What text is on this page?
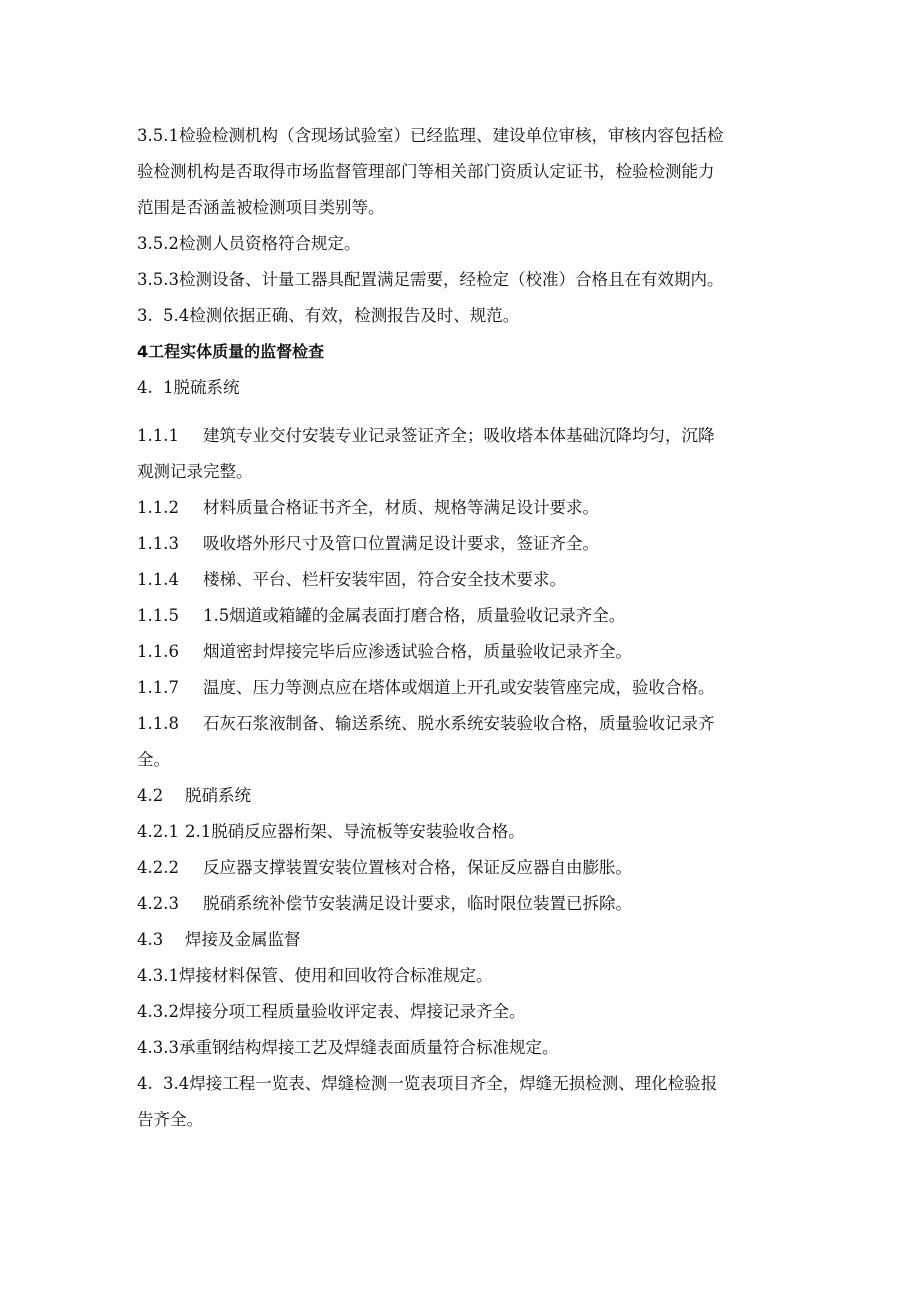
3.5.1检验检测机构（含现场试验室）已经监理、建设单位审核，审核内容包括检
验检测机构是否取得市场监督管理部门等相关部门资质认定证书，检验检测能力
范围是否涵盖被检测项目类别等。

3.5.2检测人员资格符合规定。

3.5.3检测设备、计量工器具配置满足需要，经检定（校准）合格且在有效期内。

3. 5.4检测依据正确、有效，检测报告及时、规范。

4工程实体质量的监督检查

4. 1脱硫系统

1.1.1 建筑专业交付安装专业记录签证齐全；吸收塔本体基础沉降均匀，沉降
观测记录完整。

1.1.2 材料质量合格证书齐全，材质、规格等满足设计要求。

1.1.3 吸收塔外形尺寸及管口位置满足设计要求，签证齐全。

1.1.4 楼梯、平台、栏杆安装牢固，符合安全技术要求。

1.1.5 1.5烟道或箱罐的金属表面打磨合格，质量验收记录齐全。

1.1.6 烟道密封焊接完毕后应渗透试验合格，质量验收记录齐全。

1.1.7 温度、压力等测点应在塔体或烟道上开孔或安装管座完成，验收合格。

1.1.8 石灰石浆液制备、输送系统、脱水系统安装验收合格，质量验收记录齐
全。

4.2 脱硝系统

4.2.1 2.1脱硝反应器桁架、导流板等安装验收合格。

4.2.2 反应器支撑装置安装位置核对合格，保证反应器自由膨胀。

4.2.3 脱硝系统补偿节安装满足设计要求，临时限位装置已拆除。

4.3 焊接及金属监督

4.3.1焊接材料保管、使用和回收符合标准规定。

4.3.2焊接分项工程质量验收评定表、焊接记录齐全。

4.3.3承重钢结构焊接工艺及焊缝表面质量符合标准规定。

4. 3.4焊接工程一览表、焊缝检测一览表项目齐全，焊缝无损检测、理化检验报
告齐全。
